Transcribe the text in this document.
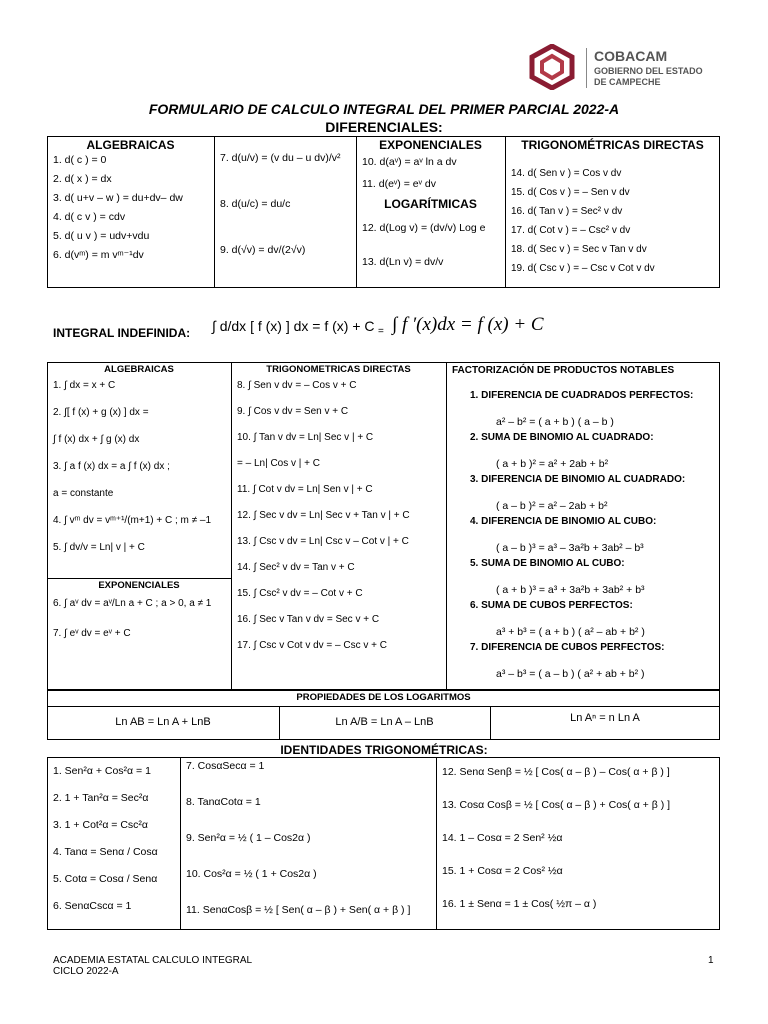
COBACAM
GOBIERNO DEL ESTADO
DE CAMPECHE
FORMULARIO DE CALCULO INTEGRAL DEL PRIMER PARCIAL 2022-A
DIFERENCIALES:
ALGEBRAICAS
1. d( c ) = 0
2. d( x ) = dx
3. d( u+v – w ) = du+dv– dw
4. d( c v ) = cdv
5. d( u v ) = udv+vdu
6. d(vᵐ) = m vᵐ⁻¹dv
7. d(u/v) = (v du – u dv)/v²
8. d(u/c) = du/c
9. d(√v) = dv/(2√v)
EXPONENCIALES
LOGARÍTMICAS
10. d(aᵛ) = aᵛ ln a dv
11. d(eᵛ) = eᵛ dv
12. d(Log v) = (dv/v) Log e
13. d(Ln v) = dv/v
TRIGONOMÉTRICAS DIRECTAS
14. d( Sen v ) = Cos v dv
15. d( Cos v ) = – Sen v dv
16. d( Tan v ) = Sec² v dv
17. d( Cot v ) = – Csc² v dv
18. d( Sec v ) = Sec v Tan v dv
19. d( Csc v ) = – Csc v Cot v dv
INTEGRAL INDEFINIDA: ∫ d/dx [ f (x) ] dx = f (x) + C = ∫ f ′(x)dx = f (x) + C
ALGEBRAICAS
1. ∫ dx = x + C
2. ∫[ f (x) + g (x) ] dx =
∫ f (x) dx + ∫ g (x) dx
3. ∫ a f (x) dx = a ∫ f (x) dx ;
a = constante
4. ∫ vᵐ dv = vᵐ⁺¹/(m+1) + C ; m ≠ –1
5. ∫ dv/v = Ln| v | + C
EXPONENCIALES
6. ∫ aᵛ dv = aᵛ/Ln a + C ; a > 0, a ≠ 1
7. ∫ eᵛ dv = eᵛ + C
TRIGONOMETRICAS DIRECTAS
8. ∫ Sen v dv = – Cos v + C
9. ∫ Cos v dv = Sen v + C
10. ∫ Tan v dv = Ln| Sec v | + C
= – Ln| Cos v | + C
11. ∫ Cot v dv = Ln| Sen v | + C
12. ∫ Sec v dv = Ln| Sec v + Tan v | + C
13. ∫ Csc v dv = Ln| Csc v – Cot v | + C
14. ∫ Sec² v dv = Tan v + C
15. ∫ Csc² v dv = – Cot v + C
16. ∫ Sec v Tan v dv = Sec v + C
17. ∫ Csc v Cot v dv = – Csc v + C
FACTORIZACIÓN DE PRODUCTOS NOTABLES
1. DIFERENCIA DE CUADRADOS PERFECTOS:
a² – b² = ( a + b ) ( a – b )
2. SUMA DE BINOMIO AL CUADRADO:
( a + b )² = a² + 2ab + b²
3. DIFERENCIA DE BINOMIO AL CUADRADO:
( a – b )² = a² – 2ab + b²
4. DIFERENCIA DE BINOMIO AL CUBO:
( a – b )³ = a³ – 3a²b + 3ab² – b³
5. SUMA DE BINOMIO AL CUBO:
( a + b )³ = a³ + 3a²b + 3ab² + b³
6. SUMA DE CUBOS PERFECTOS:
a³ + b³ = ( a + b ) ( a² – ab + b² )
7. DIFERENCIA DE CUBOS PERFECTOS:
a³ – b³ = ( a – b ) ( a² + ab + b² )
PROPIEDADES DE LOS LOGARITMOS
Ln AB = Ln A + LnB	Ln A/B = Ln A – LnB	Ln Aⁿ = n Ln A
IDENTIDADES TRIGONOMÉTRICAS:
1. Sen²α + Cos²α = 1
2. 1 + Tan²α = Sec²α
3. 1 + Cot²α = Csc²α
4. Tanα = Senα / Cosα
5. Cotα = Cosα / Senα
6. SenαCscα = 1
7. CosαSecα = 1
8. TanαCotα = 1
9. Sen²α = ½ ( 1 – Cos2α )
10. Cos²α = ½ ( 1 + Cos2α )
11. SenαCosβ = ½ [ Sen( α – β ) + Sen( α + β ) ]
12. Senα Senβ = ½ [ Cos( α – β ) – Cos( α + β ) ]
13. Cosα Cosβ = ½ [ Cos( α – β ) + Cos( α + β ) ]
14. 1 – Cosα = 2 Sen² ½α
15. 1 + Cosα = 2 Cos² ½α
16. 1 ± Senα = 1 ± Cos( ½π – α )
ACADEMIA ESTATAL CALCULO INTEGRAL
CICLO 2022-A
1
